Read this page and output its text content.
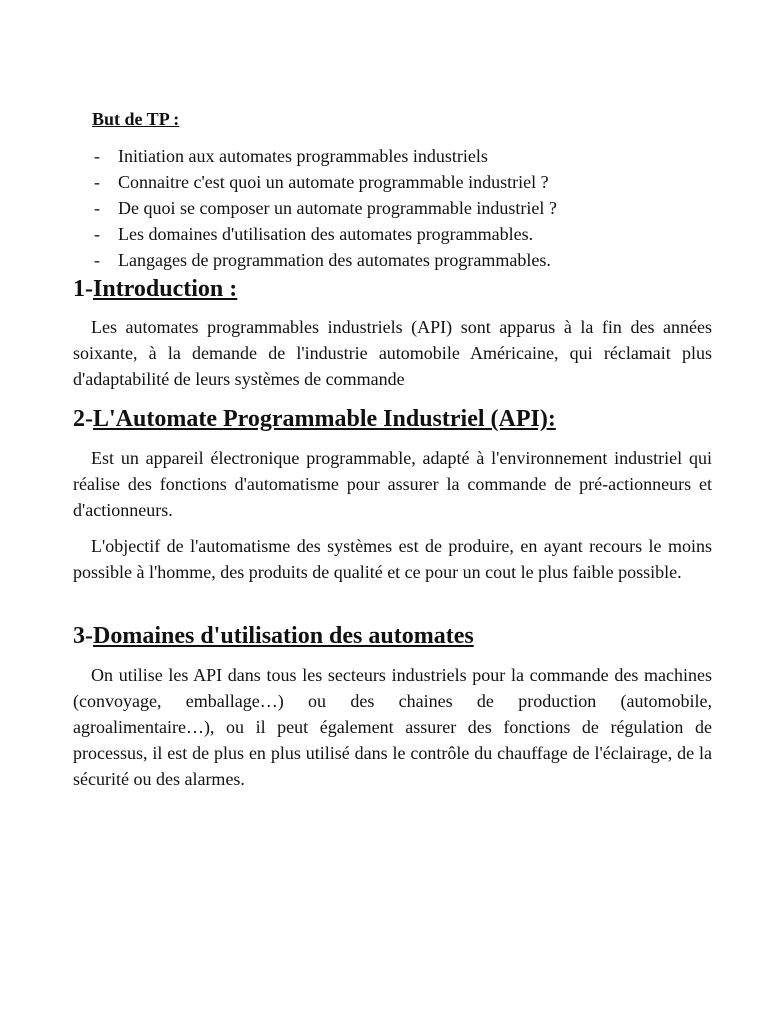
But de TP :
- Initiation aux automates programmables industriels
- Connaitre c'est quoi un automate programmable industriel ?
- De quoi se composer un automate programmable industriel ?
- Les domaines d'utilisation des automates programmables.
- Langages de programmation des automates programmables.
1-Introduction :

Les automates programmables industriels (API) sont apparus à la fin des années soixante, à la demande de l'industrie automobile Américaine, qui réclamait plus d'adaptabilité de leurs systèmes de commande

2-L'Automate Programmable Industriel (API):

Est un appareil électronique programmable, adapté à l'environnement industriel qui réalise des fonctions d'automatisme pour assurer la commande de pré-actionneurs et d'actionneurs.

L'objectif de l'automatisme des systèmes est de produire, en ayant recours le moins possible à l'homme, des produits de qualité et ce pour un cout le plus faible possible.

3-Domaines d'utilisation des automates

On utilise les API dans tous les secteurs industriels pour la commande des machines (convoyage, emballage…) ou des chaines de production (automobile, agroalimentaire…), ou il peut également assurer des fonctions de régulation de processus, il est de plus en plus utilisé dans le contrôle du chauffage de l'éclairage, de la sécurité ou des alarmes.
